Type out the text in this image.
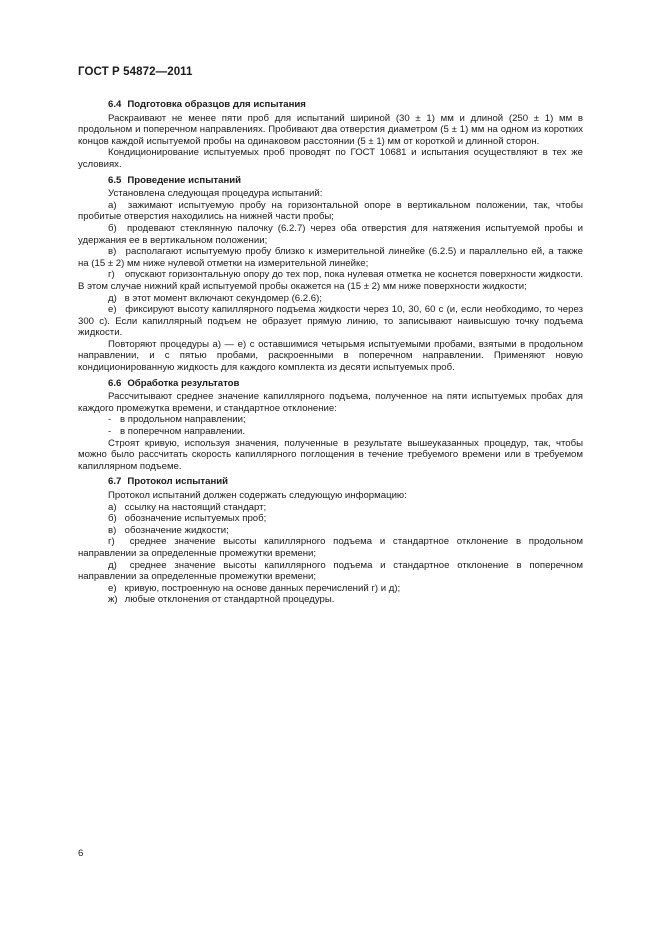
ГОСТ Р 54872—2011
6.4 Подготовка образцов для испытания

Раскраивают не менее пяти проб для испытаний шириной (30 ± 1) мм и длиной (250 ± 1) мм в продольном и поперечном направлениях. Пробивают два отверстия диаметром (5 ± 1) мм на одном из коротких концов каждой испытуемой пробы на одинаковом расстоянии (5 ± 1) мм от короткой и длинной сторон.

Кондиционирование испытуемых проб проводят по ГОСТ 10681 и испытания осуществляют в тех же условиях.

6.5 Проведение испытаний

Установлена следующая процедура испытаний:

а) зажимают испытуемую пробу на горизонтальной опоре в вертикальном положении, так, чтобы пробитые отверстия находились на нижней части пробы;

б) продевают стеклянную палочку (6.2.7) через оба отверстия для натяжения испытуемой пробы и удержания ее в вертикальном положении;

в) располагают испытуемую пробу близко к измерительной линейке (6.2.5) и параллельно ей, а также на (15 ± 2) мм ниже нулевой отметки на измерительной линейке;

г) опускают горизонтальную опору до тех пор, пока нулевая отметка не коснется поверхности жидкости. В этом случае нижний край испытуемой пробы окажется на (15 ± 2) мм ниже поверхности жидкости;

д) в этот момент включают секундомер (6.2.6);

е) фиксируют высоту капиллярного подъема жидкости через 10, 30, 60 с (и, если необходимо, то через 300 с). Если капиллярный подъем не образует прямую линию, то записывают наивысшую точку подъема жидкости.

Повторяют процедуры а) — е) с оставшимися четырьмя испытуемыми пробами, взятыми в продольном направлении, и с пятью пробами, раскроенными в поперечном направлении. Применяют новую кондиционированную жидкость для каждого комплекта из десяти испытуемых проб.

6.6 Обработка результатов

Рассчитывают среднее значение капиллярного подъема, полученное на пяти испытуемых пробах для каждого промежутка времени, и стандартное отклонение:

- в продольном направлении;

- в поперечном направлении.

Строят кривую, используя значения, полученные в результате вышеуказанных процедур, так, чтобы можно было рассчитать скорость капиллярного поглощения в течение требуемого времени или в требуемом капиллярном подъеме.

6.7 Протокол испытаний

Протокол испытаний должен содержать следующую информацию:

а) ссылку на настоящий стандарт;

б) обозначение испытуемых проб;

в) обозначение жидкости;

г) среднее значение высоты капиллярного подъема и стандартное отклонение в продольном направлении за определенные промежутки времени;

д) среднее значение высоты капиллярного подъема и стандартное отклонение в поперечном направлении за определенные промежутки времени;

е) кривую, построенную на основе данных перечислений г) и д);

ж) любые отклонения от стандартной процедуры.

6
